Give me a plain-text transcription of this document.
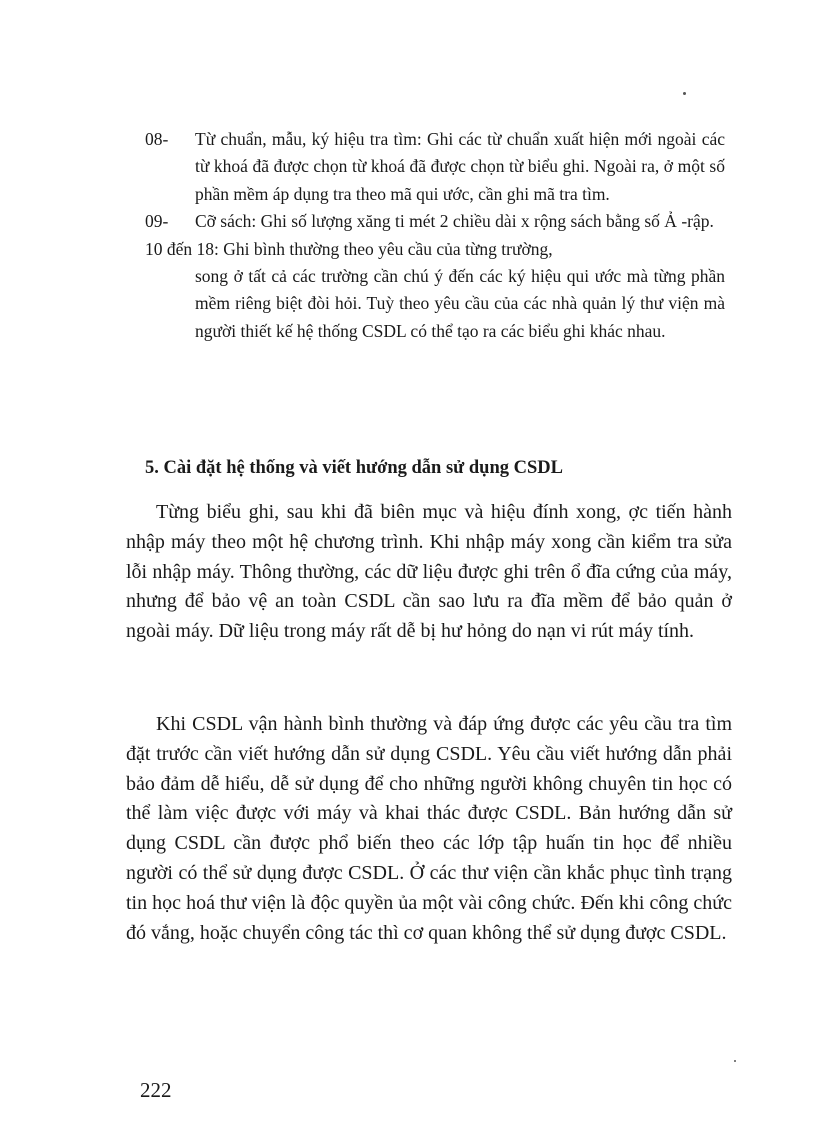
08-	Từ chuẩn, mẫu, ký hiệu tra tìm: Ghi các từ chuẩn xuất hiện mới ngoài các từ khoá đã được chọn từ khoá đã được chọn từ biểu ghi. Ngoài ra, ở một số phần mềm áp dụng tra theo mã qui ước, cần ghi mã tra tìm.
09-	Cỡ sách: Ghi số lượng xăng ti mét 2 chiều dài x rộng sách bằng số Ả -rập.
10 đến 18: Ghi bình thường theo yêu cầu của từng trường,
song ở tất cả các trường cần chú ý đến các ký hiệu qui ước mà từng phần mềm riêng biệt đòi hỏi. Tuỳ theo yêu cầu của các nhà quản lý thư viện mà người thiết kế hệ thống CSDL có thể tạo ra các biểu ghi khác nhau.
5. Cài đặt hệ thống và viết hướng dẫn sử dụng CSDL

Từng biểu ghi, sau khi đã biên mục và hiệu đính xong, ợc tiến hành nhập máy theo một hệ chương trình. Khi nhập máy xong cần kiểm tra sửa lỗi nhập máy. Thông thường, các dữ liệu được ghi trên ổ đĩa cứng của máy, nhưng để bảo vệ an toàn CSDL cần sao lưu ra đĩa mềm để bảo quản ở ngoài máy. Dữ liệu trong máy rất dễ bị hư hỏng do nạn vi rút máy tính.

Khi CSDL vận hành bình thường và đáp ứng được các yêu cầu tra tìm đặt trước cần viết hướng dẫn sử dụng CSDL. Yêu cầu viết hướng dẫn phải bảo đảm dễ hiểu, dễ sử dụng để cho những người không chuyên tin học có thể làm việc được với máy và khai thác được CSDL. Bản hướng dẫn sử dụng CSDL cần được phổ biến theo các lớp tập huấn tin học để nhiều người có thể sử dụng được CSDL. Ở các thư viện cần khắc phục tình trạng tin học hoá thư viện là độc quyền ủa một vài công chức. Đến khi công chức đó vắng, hoặc chuyển công tác thì cơ quan không thể sử dụng được CSDL.

222
